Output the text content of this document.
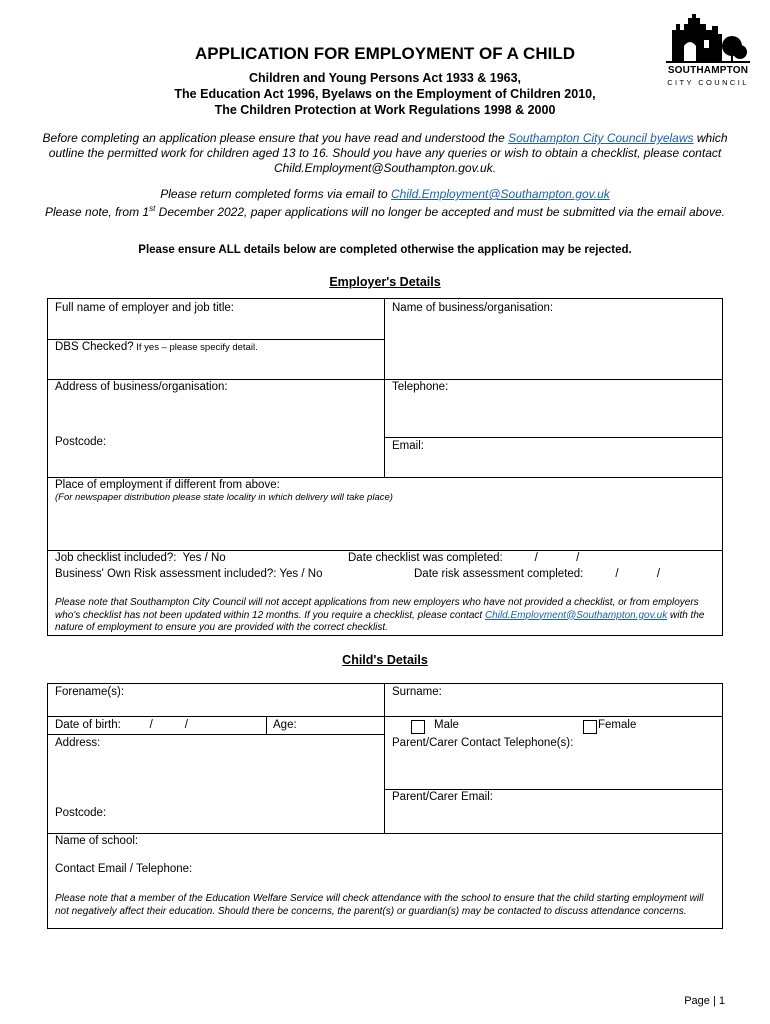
SOUTHAMPTON
CITY COUNCIL
APPLICATION FOR EMPLOYMENT OF A CHILD
Children and Young Persons Act 1933 & 1963,
The Education Act 1996, Byelaws on the Employment of Children 2010,
The Children Protection at Work Regulations 1998 & 2000
Before completing an application please ensure that you have read and understood the Southampton City Council byelaws which outline the permitted work for children aged 13 to 16. Should you have any queries or wish to obtain a checklist, please contact Child.Employment@Southampton.gov.uk.
Please return completed forms via email to Child.Employment@Southampton.gov.uk
Please note, from 1st December 2022, paper applications will no longer be accepted and must be submitted via the email above.
Please ensure ALL details below are completed otherwise the application may be rejected.
Employer's Details
Full name of employer and job title:	Name of business/organisation:
DBS Checked? If yes – please specify detail.
Address of business/organisation:	Telephone:
Postcode:	Email:
Place of employment if different from above:
(For newspaper distribution please state locality in which delivery will take place)
Job checklist included?:  Yes / No	Date checklist was completed:          /            /
Business' Own Risk assessment included?: Yes / No	Date risk assessment completed:          /            /
Please note that Southampton City Council will not accept applications from new employers who have not provided a checklist, or from employers who's checklist has not been updated within 12 months. If you require a checklist, please contact Child.Employment@Southampton.gov.uk with the nature of employment to ensure you are provided with the correct checklist.
Child's Details
Forename(s):	Surname:
Date of birth:         /          /	Age:	Male	Female
Address:	Parent/Carer Contact Telephone(s):
Parent/Carer Email:
Postcode:
Name of school:
Contact Email / Telephone:
Please note that a member of the Education Welfare Service will check attendance with the school to ensure that the child starting employment will not negatively affect their education. Should there be concerns, the parent(s) or guardian(s) may be contacted to discuss attendance concerns.
Page | 1
